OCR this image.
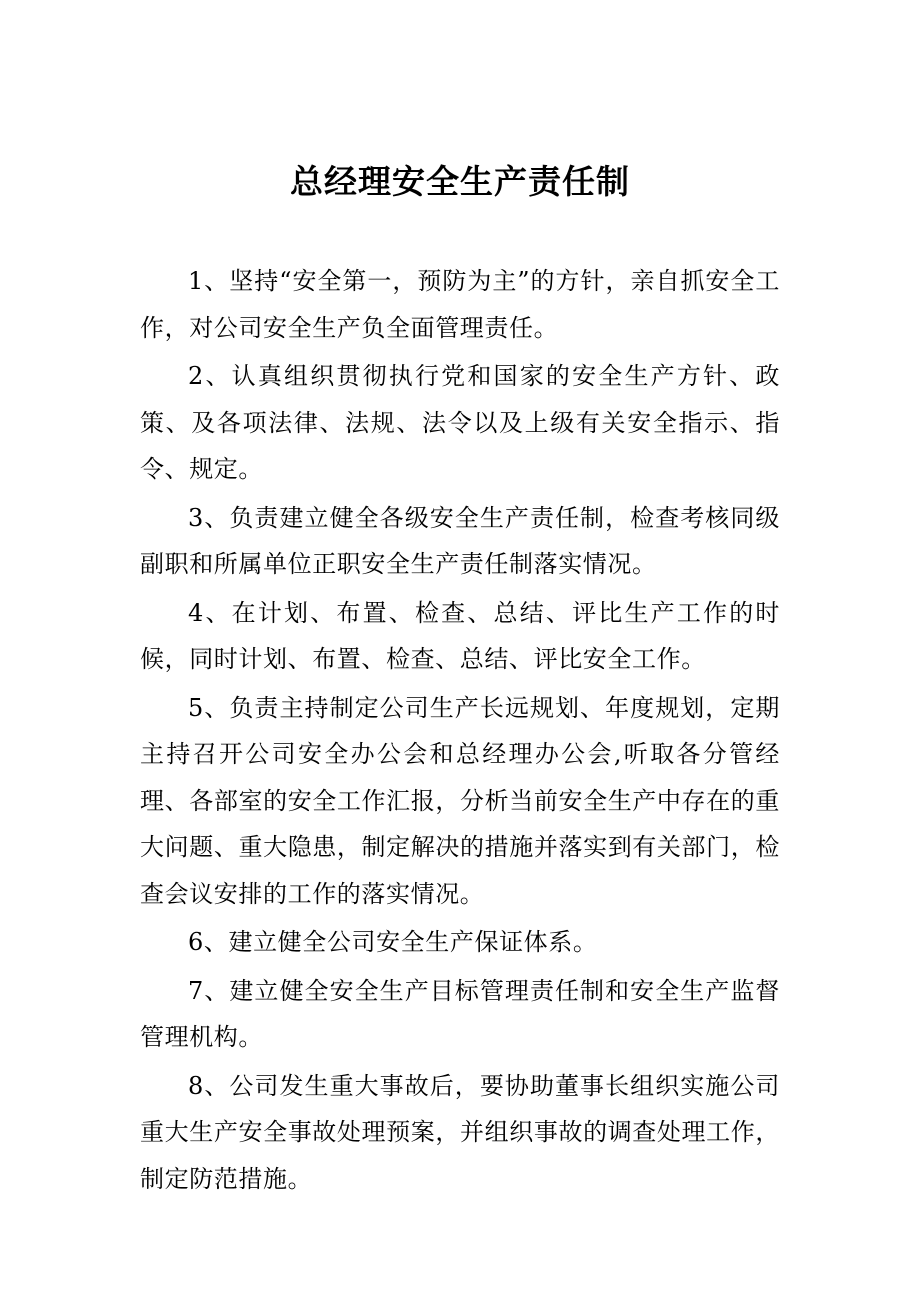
总经理安全生产责任制

1、坚持“安全第一，预防为主”的方针，亲自抓安全工作，对公司安全生产负全面管理责任。

2、认真组织贯彻执行党和国家的安全生产方针、政策、及各项法律、法规、法令以及上级有关安全指示、指令、规定。

3、负责建立健全各级安全生产责任制，检查考核同级副职和所属单位正职安全生产责任制落实情况。

4、在计划、布置、检查、总结、评比生产工作的时候，同时计划、布置、检查、总结、评比安全工作。

5、负责主持制定公司生产长远规划、年度规划，定期主持召开公司安全办公会和总经理办公会,听取各分管经理、各部室的安全工作汇报，分析当前安全生产中存在的重大问题、重大隐患，制定解决的措施并落实到有关部门，检查会议安排的工作的落实情况。

6、建立健全公司安全生产保证体系。

7、建立健全安全生产目标管理责任制和安全生产监督管理机构。

8、公司发生重大事故后，要协助董事长组织实施公司重大生产安全事故处理预案，并组织事故的调查处理工作，制定防范措施。
